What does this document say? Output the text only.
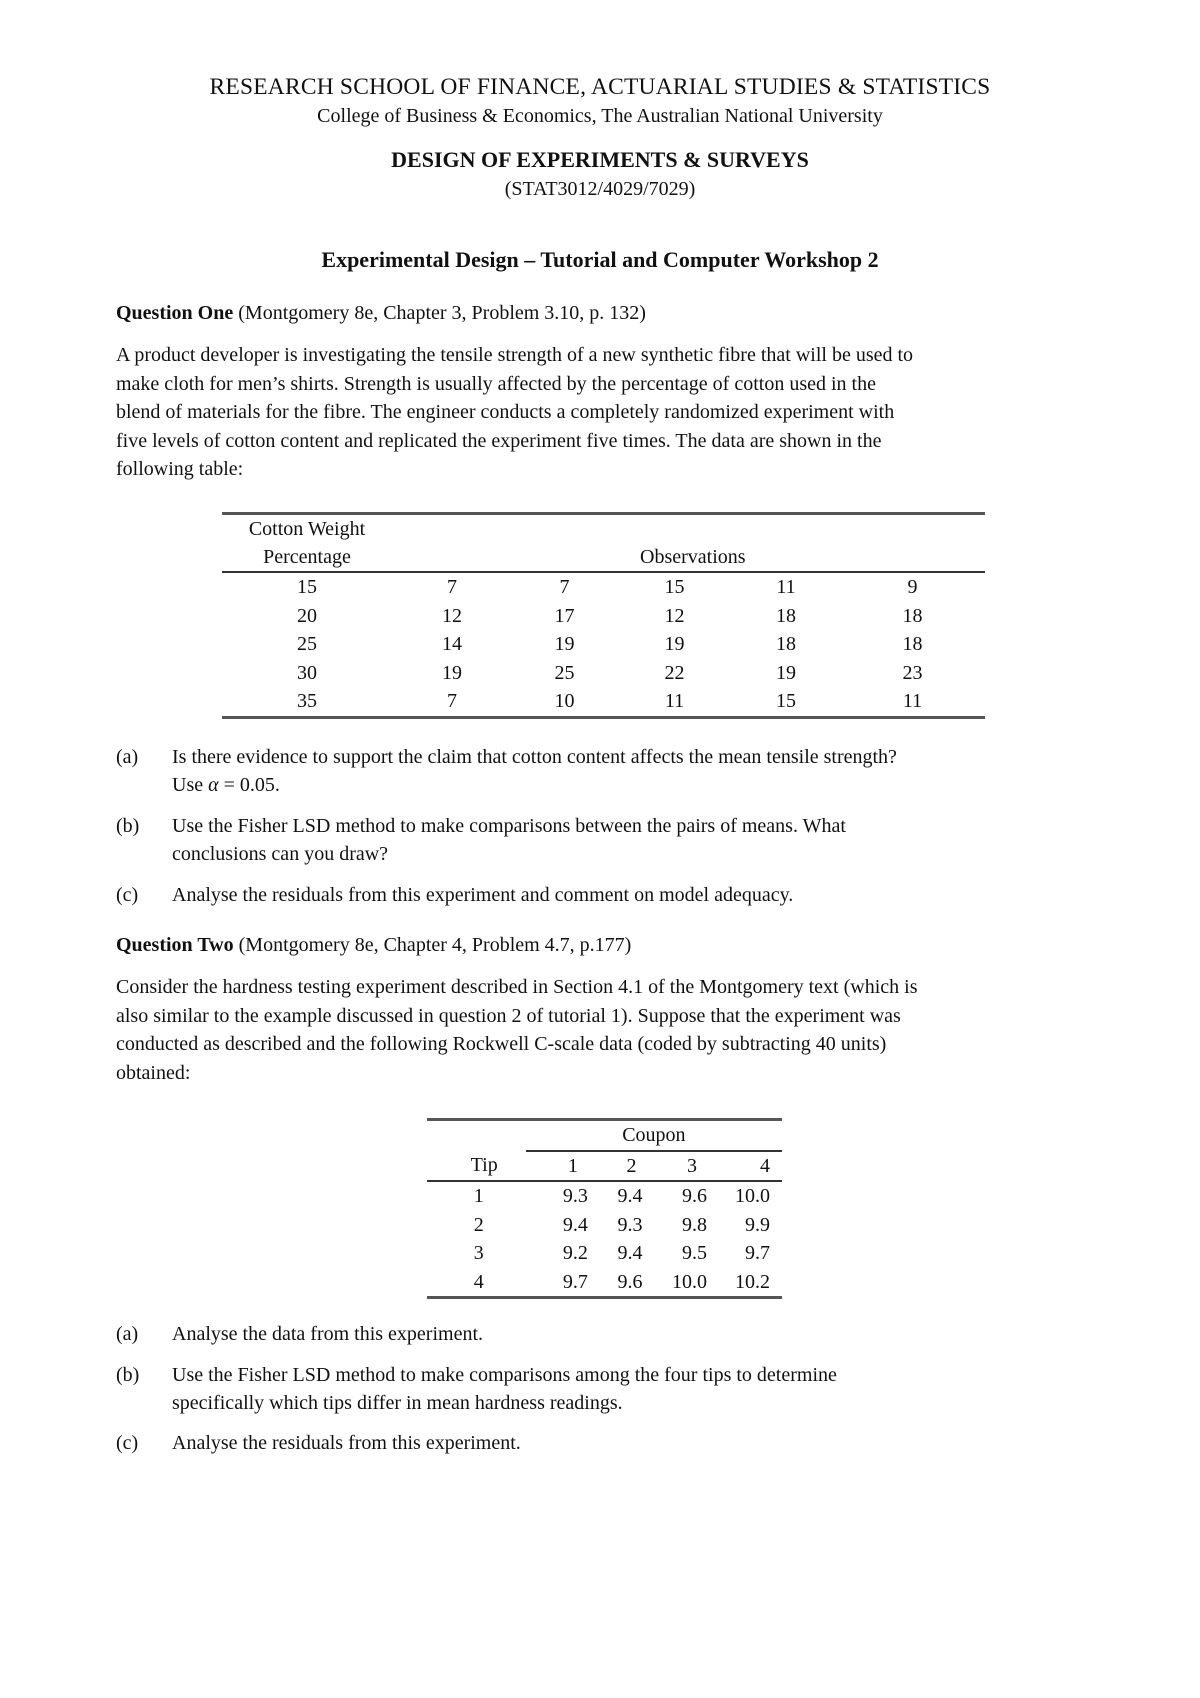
RESEARCH SCHOOL OF FINANCE, ACTUARIAL STUDIES & STATISTICS
College of Business & Economics, The Australian National University
DESIGN OF EXPERIMENTS & SURVEYS
(STAT3012/4029/7029)
Experimental Design – Tutorial and Computer Workshop 2
Question One (Montgomery 8e, Chapter 3, Problem 3.10, p. 132)
A product developer is investigating the tensile strength of a new synthetic fibre that will be used to
make cloth for men’s shirts. Strength is usually affected by the percentage of cotton used in the
blend of materials for the fibre. The engineer conducts a completely randomized experiment with
five levels of cotton content and replicated the experiment five times. The data are shown in the
following table:
Cotton Weight					
Percentage	Observations				
15	7	7	15	11	9
20	12	17	12	18	18
25	14	19	19	18	18
30	19	25	22	19	23
35	7	10	11	15	11
(a) Is there evidence to support the claim that cotton content affects the mean tensile strength?
Use α = 0.05.
(b) Use the Fisher LSD method to make comparisons between the pairs of means. What
conclusions can you draw?
(c) Analyse the residuals from this experiment and comment on model adequacy.
Question Two (Montgomery 8e, Chapter 4, Problem 4.7, p.177)
Consider the hardness testing experiment described in Section 4.1 of the Montgomery text (which is
also similar to the example discussed in question 2 of tutorial 1). Suppose that the experiment was
conducted as described and the following Rockwell C-scale data (coded by subtracting 40 units)
obtained:
	Coupon			
Tip	1	2	3	4
1	9.3	9.4	9.6	10.0
2	9.4	9.3	9.8	9.9
3	9.2	9.4	9.5	9.7
4	9.7	9.6	10.0	10.2
(a) Analyse the data from this experiment.
(b) Use the Fisher LSD method to make comparisons among the four tips to determine
specifically which tips differ in mean hardness readings.
(c) Analyse the residuals from this experiment.
